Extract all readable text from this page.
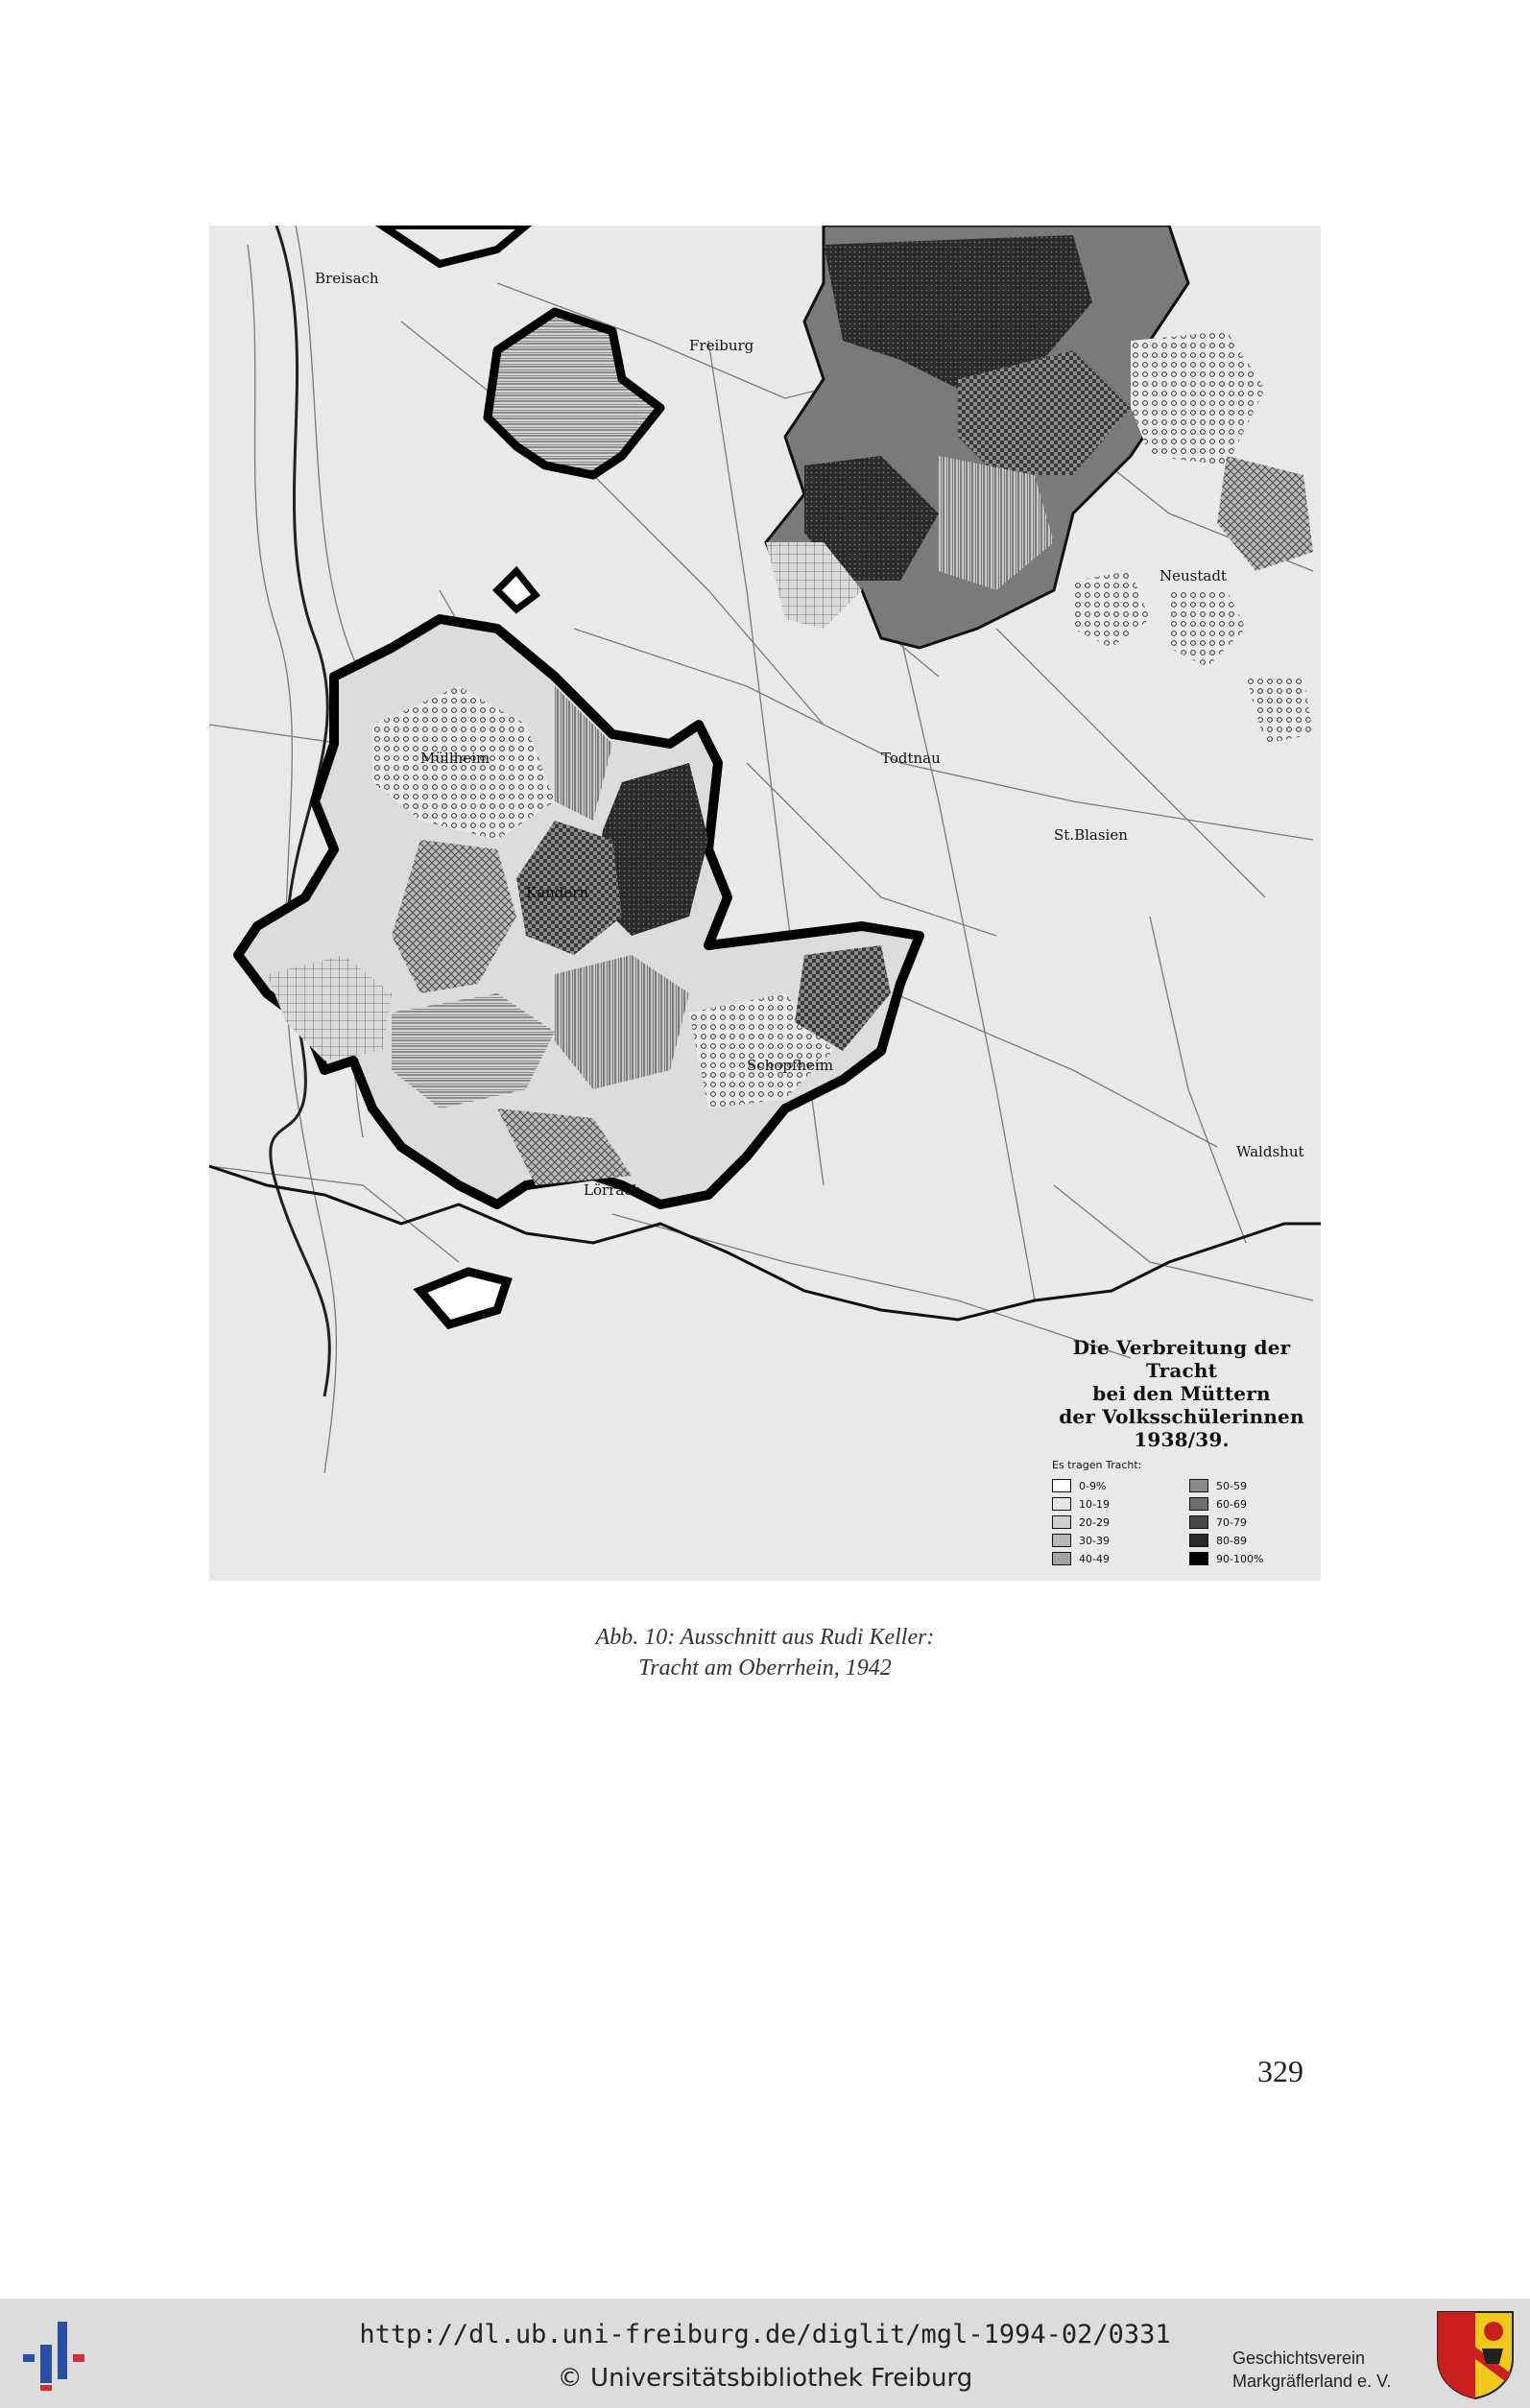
Breisach
Freiburg
Neustadt
Müllheim
Kandern
Lörrach
St.Blasien
Waldshut
Schopfheim
Todtnau
Die Verbreitung der Tracht
bei den Müttern
der Volksschülerinnen 1938/39.
Es tragen Tracht:
0-9%	50-59
10-19	60-69
20-29	70-79
30-39	80-89
40-49	90-100%
Abb. 10: Ausschnitt aus Rudi Keller:
Tracht am Oberrhein, 1942
329
http://dl.ub.uni-freiburg.de/diglit/mgl-1994-02/0331
© Universitätsbibliothek Freiburg
Geschichtsverein
Markgräflerland e. V.
